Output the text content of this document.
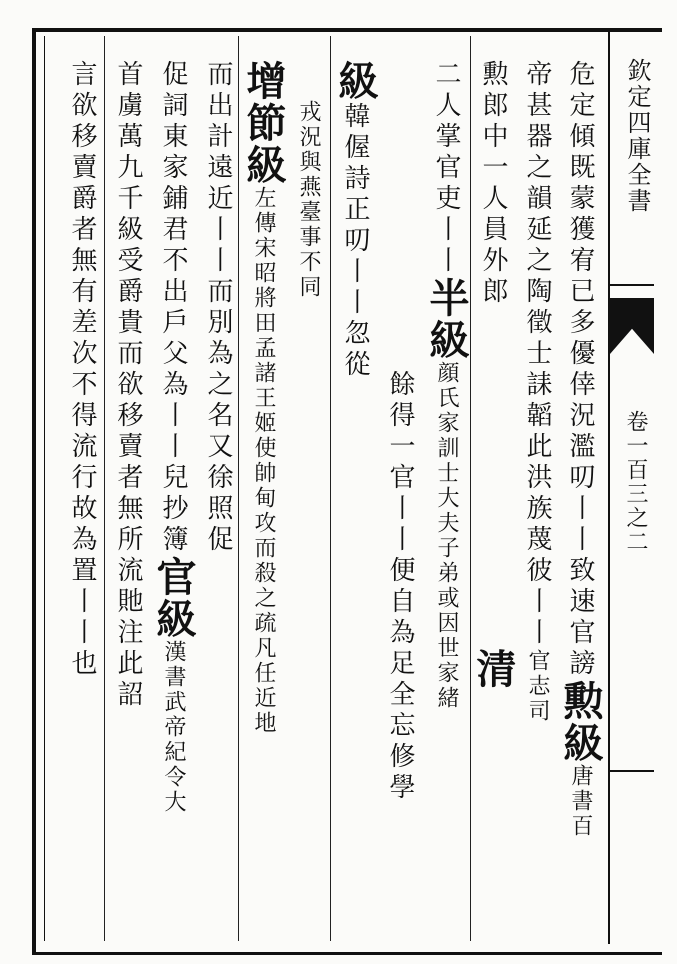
欽定四庫全書
卷一百三之二
危定傾既蒙獲宥已多優倖況濫叨丨丨致速官謗勲級唐書百
帝甚器之韻延之陶徵士誄韜此洪族蔑彼丨丨官志司
勲郎中一人員外郎清
二人掌官吏丨丨半級顔氏家訓士大夫子弟或因世家緒
餘得一官丨丨便自為足全忘修學
級韓偓詩正叨丨丨忽從
戎況與燕臺事不同
增節級左傳宋昭將田孟諸王姬使帥甸攻而殺之疏凡任近地
而出計遠近丨丨而別為之名又徐照促
促詞東家鋪君不出戶父為丨丨兒抄簿官級漢書武帝紀令大
首虜萬九千級受爵貴而欲移賣者無所流貤注此詔
言欲移賣爵者無有差次不得流行故為置丨丨也
